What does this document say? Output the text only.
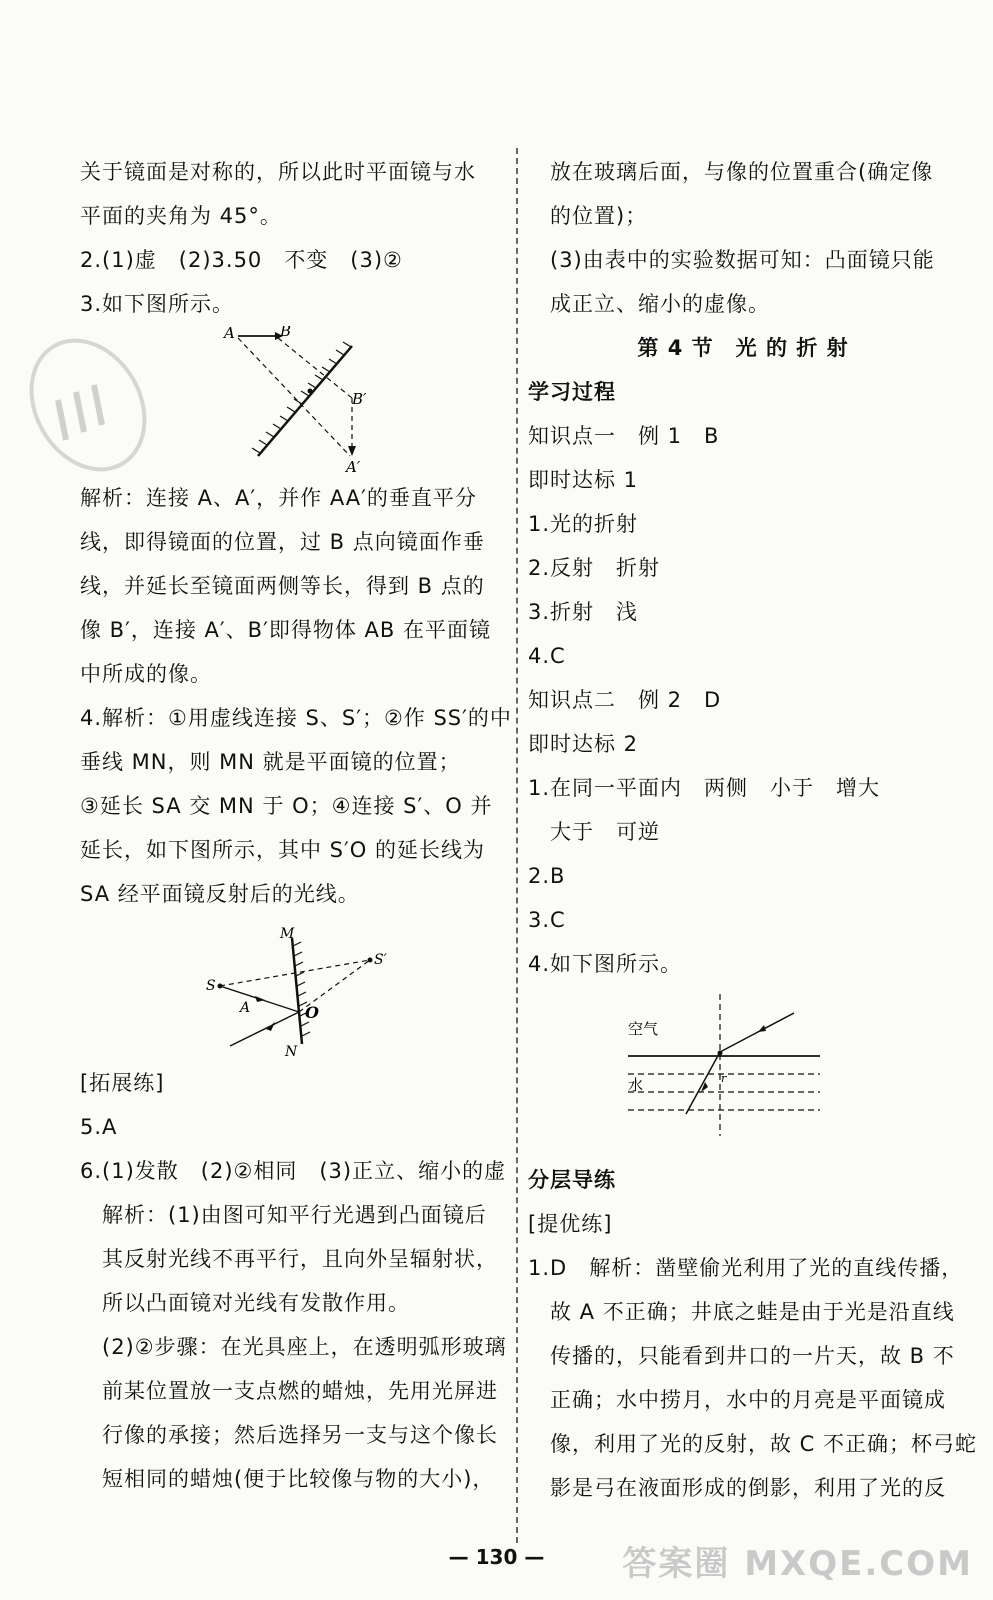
关于镜面是对称的，所以此时平面镜与水
平面的夹角为 45°。
2.(1)虚　(2)3.50　不变　(3)②
3.如下图所示。
A	B
B′
A′
解析：连接 A、A′，并作 AA′的垂直平分
线，即得镜面的位置，过 B 点向镜面作垂
线，并延长至镜面两侧等长，得到 B 点的
像 B′，连接 A′、B′即得物体 AB 在平面镜
中所成的像。
4.解析：①用虚线连接 S、S′；②作 SS′的中
垂线 MN，则 MN 就是平面镜的位置；
③延长 SA 交 MN 于 O；④连接 S′、O 并
延长，如下图所示，其中 S′O 的延长线为
SA 经平面镜反射后的光线。
M
N
S
S′
A	O
[拓展练]
5.A
6.(1)发散　(2)②相同　(3)正立、缩小的虚
解析：(1)由图可知平行光遇到凸面镜后
其反射光线不再平行，且向外呈辐射状，
所以凸面镜对光线有发散作用。
(2)②步骤：在光具座上，在透明弧形玻璃
前某位置放一支点燃的蜡烛，先用光屏进
行像的承接；然后选择另一支与这个像长
短相同的蜡烛(便于比较像与物的大小)，
放在玻璃后面，与像的位置重合(确定像
的位置)；
(3)由表中的实验数据可知：凸面镜只能
成正立、缩小的虚像。
第 4 节　光 的 折 射
学习过程
知识点一　例 1　B
即时达标 1
1.光的折射
2.反射　折射
3.折射　浅
4.C
知识点二　例 2　D
即时达标 2
1.在同一平面内　两侧　小于　增大
大于　可逆
2.B
3.C
4.如下图所示。
空气
水	r
分层导练
[提优练]
1.D　解析：凿壁偷光利用了光的直线传播，
故 A 不正确；井底之蛙是由于光是沿直线
传播的，只能看到井口的一片天，故 B 不
正确；水中捞月，水中的月亮是平面镜成
像，利用了光的反射，故 C 不正确；杯弓蛇
影是弓在液面形成的倒影，利用了光的反
— 130 —	答案圈 MXQE.COM
